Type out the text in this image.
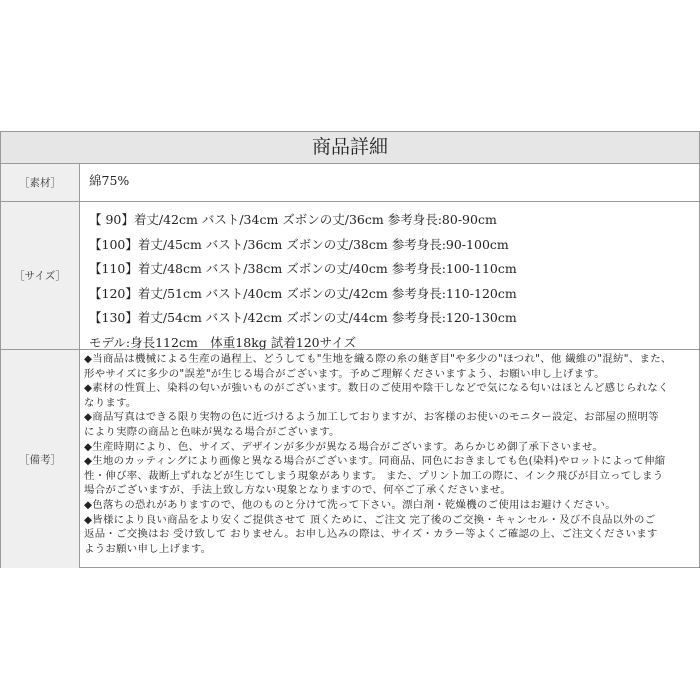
商品詳細
［素材］	綿75%
［サイズ］
【 90】着丈/42cm バスト/34cm ズボンの丈/36cm 参考身長:80-90cm
【100】着丈/45cm バスト/36cm ズボンの丈/38cm 参考身長:90-100cm
【110】着丈/48cm バスト/38cm ズボンの丈/40cm 参考身長:100-110cm
【120】着丈/51cm バスト/40cm ズボンの丈/42cm 参考身長:110-120cm
【130】着丈/54cm バスト/42cm ズボンの丈/44cm 参考身長:120-130cm
モデル:身長112cm　体重18kg 試着120サイズ
［備考］
◆当商品は機械による生産の過程上、どうしても"生地を織る際の糸の継ぎ目"や多少の"ほつれ"、他 繊維の"混紡"、また、
形やサイズに多少の"誤差"が生じる場合がございます。予めご理解くださいますよう、お願い申し上げます。
◆素材の性質上、染料の匂いが強いものがございます。数日のご使用や陰干しなどで気になる匂いはほとんど感じられなく
なります。
◆商品写真はできる限り実物の色に近づけるよう加工しておりますが、お客様のお使いのモニター設定、お部屋の照明等
により実際の商品と色味が異なる場合がございます。
◆生産時期により、色、サイズ、デザインが多少が異なる場合がございます。あらかじめ御了承下さいませ。
◆生地のカッティングにより画像と異なる場合がございます。同商品、同色におきましても色(染料)やロットによって伸縮
性・伸び率、裁断上ずれなどが生じてしまう現象があります。 また、プリント加工の際に、インク飛びが目立ってしまう
場合がございますが、手法上致し方ない現象となりますので、何卒ご了承くださいませ。
◆色落ちの恐れがありますので、他のものと分けて洗って下さい。漂白剤・乾燥機のご使用はお避けください。
◆皆様により良い商品をより安くご提供させて 頂くために、ご注文 完了後のご交換・キャンセル・及び不良品以外のご
返品・ご交換はお 受け致して おりません。お申し込みの際は、サイズ・カラー等よくご確認の上、ご注文くださいます
ようお願い申し上げます。
